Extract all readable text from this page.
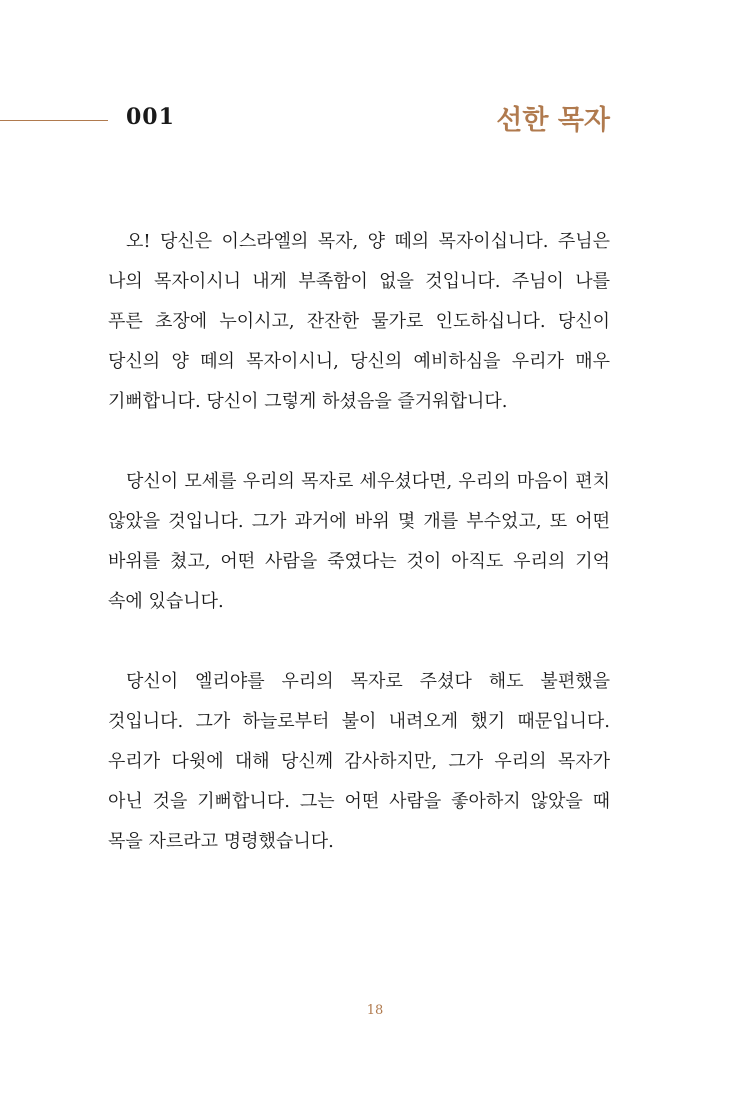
001	선한 목자

오! 당신은 이스라엘의 목자, 양 떼의 목자이십니다. 주님은 나의 목자이시니 내게 부족함이 없을 것입니다. 주님이 나를 푸른 초장에 누이시고, 잔잔한 물가로 인도하십니다. 당신이 당신의 양 떼의 목자이시니, 당신의 예비하심을 우리가 매우 기뻐합니다. 당신이 그렇게 하셨음을 즐거워합니다.

당신이 모세를 우리의 목자로 세우셨다면, 우리의 마음이 편치 않았을 것입니다. 그가 과거에 바위 몇 개를 부수었고, 또 어떤 바위를 쳤고, 어떤 사람을 죽였다는 것이 아직도 우리의 기억 속에 있습니다.

당신이 엘리야를 우리의 목자로 주셨다 해도 불편했을 것입니다. 그가 하늘로부터 불이 내려오게 했기 때문입니다. 우리가 다윗에 대해 당신께 감사하지만, 그가 우리의 목자가 아닌 것을 기뻐합니다. 그는 어떤 사람을 좋아하지 않았을 때 목을 자르라고 명령했습니다.

18
